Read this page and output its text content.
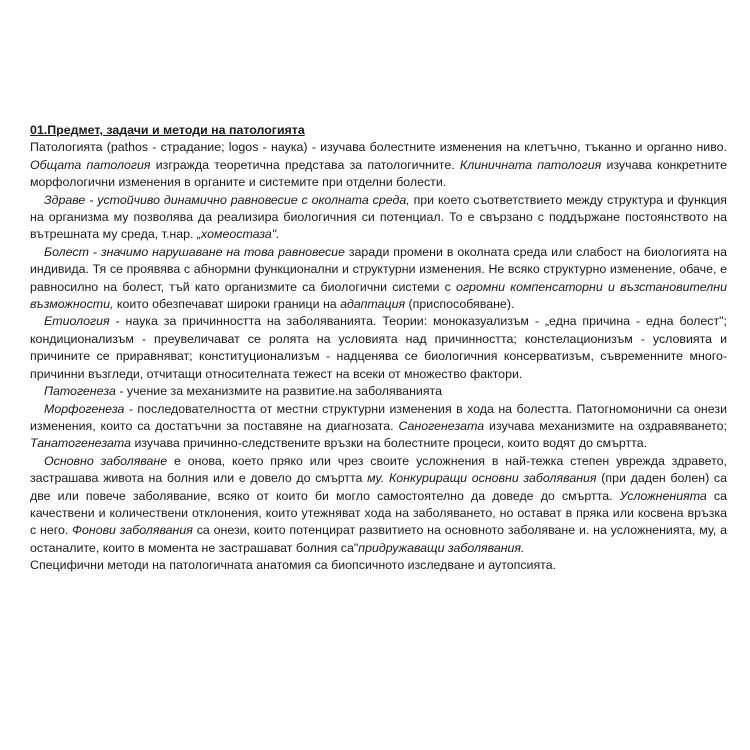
01.Предмет, задачи и методи на патологията

Патологията (pathos - страдание; logos - наука) - изучава болестните изменения на клетъчно, тъканно и органно ниво. Общата патология изгражда теоретична представа за патологичните. Клиничната патология изучава конкретните морфологични изменения в органите и системите при отделни болести.

Здраве - устойчиво динамично равновесие с околната среда, при което съответствието между структура и функция на организма му позволява да реализира биологичния си потенциал. То е свързано с поддържане постоянството на вътрешната му среда, т.нар. „хомеостаза".

Болест - значимо нарушаване на това равновесие заради промени в околната среда или слабост на биологията на индивида. Тя се проявява с абнормни функционални и структурни изменения. Не всяко структурно изменение, обаче, е равносилно на болест, тъй като организмите са биологични системи с огромни компенсаторни и възстановителни възможности, които обезпечават широки граници на адаптация (приспособяване).

Етиология - наука за причинността на заболяванията. Теории: моноказуализъм - „една причина - една болест"; кондиционализъм - преувеличават се ролята на условията над причинността; констелационизъм - условията и причините се приравняват; конституционализъм - надценява се биологичния консерватизъм, съвременните много-причинни възгледи, отчитащи относителната тежест на всеки от множество фактори.

Патогенеза - учение за механизмите на развитие.на заболяванията

Морфогенеза - последователността от местни структурни изменения в хода на болестта. Патогномонични са онези изменения, които са достатъчни за поставяне на диагнозата. Саногенезата изучава механизмите на оздравяването; Танатогенезата изучава причинно-следствените връзки на болестните процеси, които водят до смъртта.

Основно заболяване е онова, което пряко или чрез своите усложнения в най-тежка степен уврежда здравето, застрашава живота на болния или е довело до смъртта му. Конкуриращи основни заболявания (при даден болен) са две или повече заболявание, всяко от които би могло самостоятелно да доведе до смъртта. Усложненията са качествени и количествени отклонения, които утежняват хода на заболяването, но остават в пряка или косвена връзка с него. Фонови заболявания са онези, които потенцират развитието на основното заболяване и. на усложненията, му, а останалите, които в момента не застрашават болния са"придружаващи заболявания.

Специфични методи на патологичната анатомия са биопсичното изследване и аутопсията.
